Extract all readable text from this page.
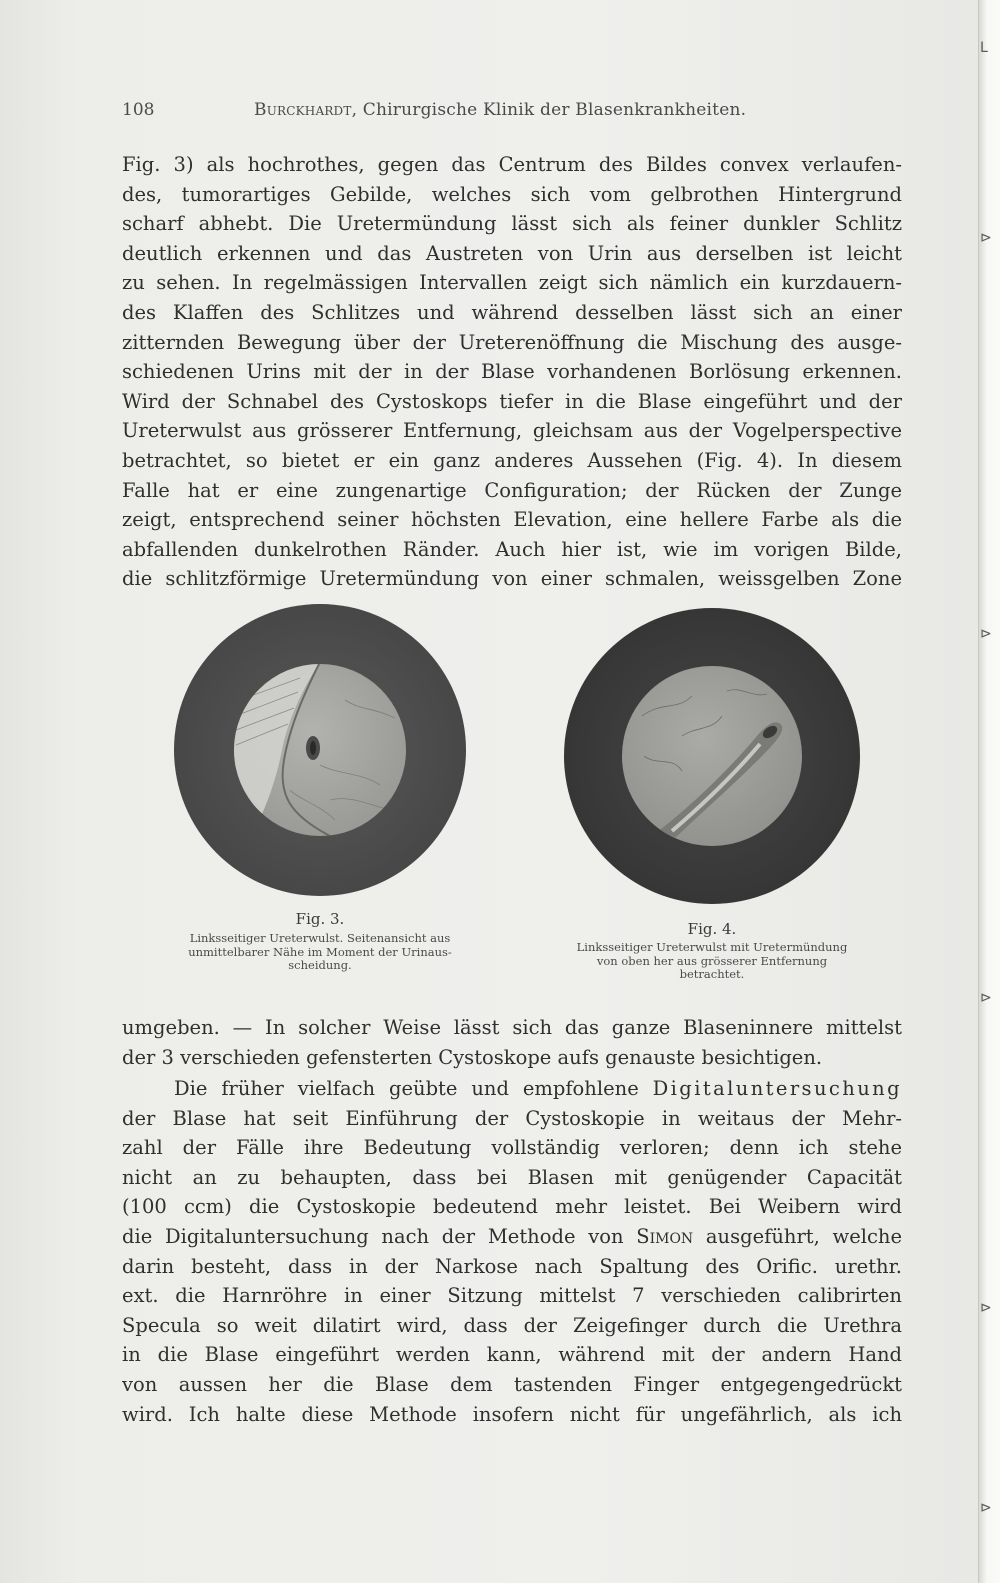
ᒪ
⊳
⊳
⊳
⊳
⊳
108	Burckhardt, Chirurgische Klinik der Blasenkrankheiten.
Fig. 3) als hochrothes, gegen das Centrum des Bildes convex verlaufen-
des, tumorartiges Gebilde, welches sich vom gelbrothen Hintergrund
scharf abhebt. Die Uretermündung lässt sich als feiner dunkler Schlitz
deutlich erkennen und das Austreten von Urin aus derselben ist leicht
zu sehen. In regelmässigen Intervallen zeigt sich nämlich ein kurzdauern-
des Klaffen des Schlitzes und während desselben lässt sich an einer
zitternden Bewegung über der Ureterenöffnung die Mischung des ausge-
schiedenen Urins mit der in der Blase vorhandenen Borlösung erkennen.
Wird der Schnabel des Cystoskops tiefer in die Blase eingeführt und der
Ureterwulst aus grösserer Entfernung, gleichsam aus der Vogelperspective
betrachtet, so bietet er ein ganz anderes Aussehen (Fig. 4). In diesem
Falle hat er eine zungenartige Configuration; der Rücken der Zunge
zeigt, entsprechend seiner höchsten Elevation, eine hellere Farbe als die
abfallenden dunkelrothen Ränder. Auch hier ist, wie im vorigen Bilde,
die schlitzförmige Uretermündung von einer schmalen, weissgelben Zone
Fig. 3.
Linksseitiger Ureterwulst. Seitenansicht aus
unmittelbarer Nähe im Moment der Urinaus-
scheidung.
Fig. 4.
Linksseitiger Ureterwulst mit Uretermündung
von oben her aus grösserer Entfernung
betrachtet.
umgeben. — In solcher Weise lässt sich das ganze Blaseninnere mittelst
der 3 verschieden gefensterten Cystoskope aufs genauste besichtigen.
Die früher vielfach geübte und empfohlene Digitaluntersuchung
der Blase hat seit Einführung der Cystoskopie in weitaus der Mehr-
zahl der Fälle ihre Bedeutung vollständig verloren; denn ich stehe
nicht an zu behaupten, dass bei Blasen mit genügender Capacität
(100 ccm) die Cystoskopie bedeutend mehr leistet. Bei Weibern wird
die Digitaluntersuchung nach der Methode von Simon ausgeführt, welche
darin besteht, dass in der Narkose nach Spaltung des Orific. urethr.
ext. die Harnröhre in einer Sitzung mittelst 7 verschieden calibrirten
Specula so weit dilatirt wird, dass der Zeigefinger durch die Urethra
in die Blase eingeführt werden kann, während mit der andern Hand
von aussen her die Blase dem tastenden Finger entgegengedrückt
wird. Ich halte diese Methode insofern nicht für ungefährlich, als ich
